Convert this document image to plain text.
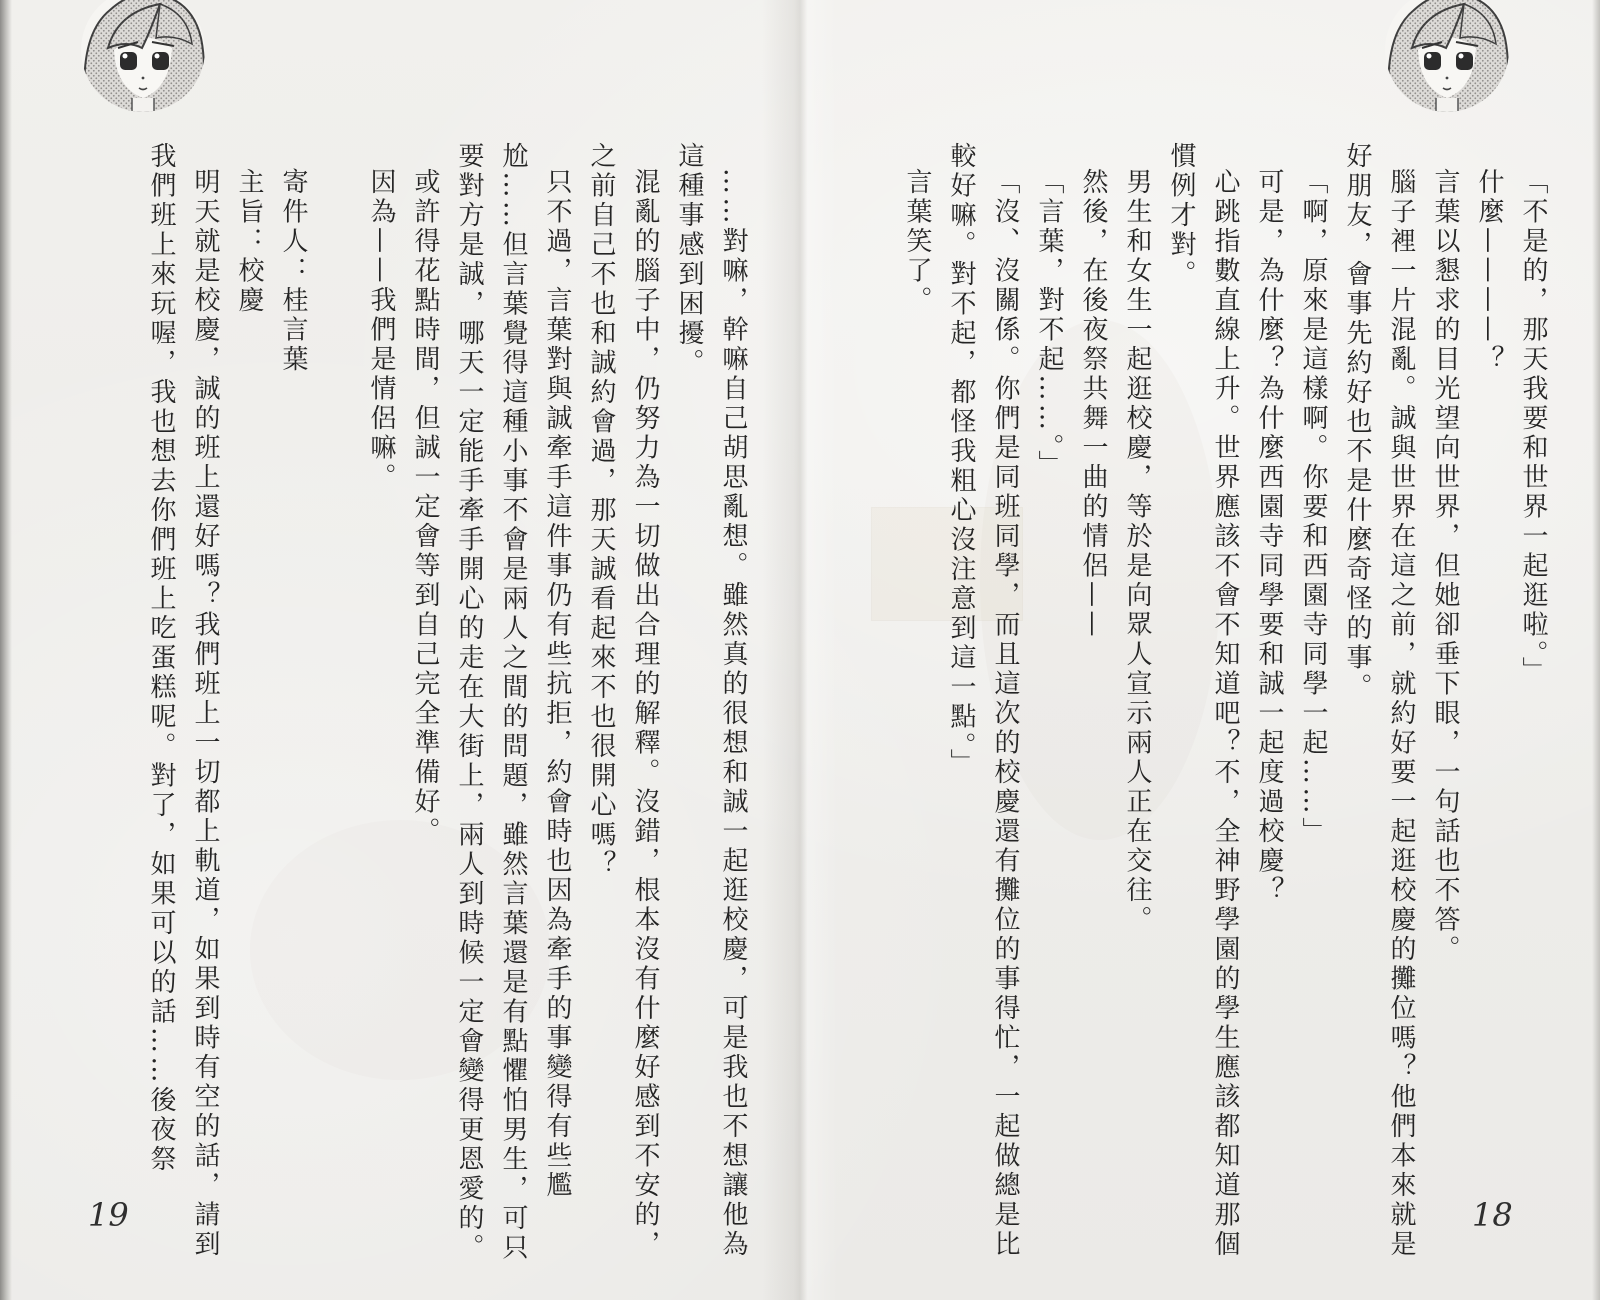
……對嘛，幹嘛自己胡思亂想。雖然真的很想和誠一起逛校慶，可是我也不想讓他為這種事感到困擾。

混亂的腦子中，仍努力為一切做出合理的解釋。沒錯，根本沒有什麼好感到不安的，之前自己不也和誠約會過，那天誠看起來不也很開心嗎？

只不過，言葉對與誠牽手這件事仍有些抗拒，約會時也因為牽手的事變得有些尷尬……但言葉覺得這種小事不會是兩人之間的問題，雖然言葉還是有點懼怕男生，可只要對方是誠，哪天一定能手牽手開心的走在大街上，兩人到時候一定會變得更恩愛的。

或許得花點時間，但誠一定會等到自己完全準備好。

因為——我們是情侶嘛。

寄件人：桂言葉

主旨：校慶

明天就是校慶，誠的班上還好嗎？我們班上一切都上軌道，如果到時有空的話，請到我們班上來玩喔，我也想去你們班上吃蛋糕呢。對了，如果可以的話……後夜祭	「不是的，那天我要和世界一起逛啦。」

什麼————？

言葉以懇求的目光望向世界，但她卻垂下眼，一句話也不答。

腦子裡一片混亂。誠與世界在這之前，就約好要一起逛校慶的攤位嗎？他們本來就是好朋友，會事先約好也不是什麼奇怪的事。

「啊，原來是這樣啊。你要和西園寺同學一起……」

可是，為什麼？為什麼西園寺同學要和誠一起度過校慶？

心跳指數直線上升。世界應該不會不知道吧？不，全神野學園的學生應該都知道那個慣例才對。

男生和女生一起逛校慶，等於是向眾人宣示兩人正在交往。

然後，在後夜祭共舞一曲的情侶——

「言葉，對不起……。」

「沒、沒關係。你們是同班同學，而且這次的校慶還有攤位的事得忙，一起做總是比較好嘛。對不起，都怪我粗心沒注意到這一點。」

言葉笑了。

19	18
